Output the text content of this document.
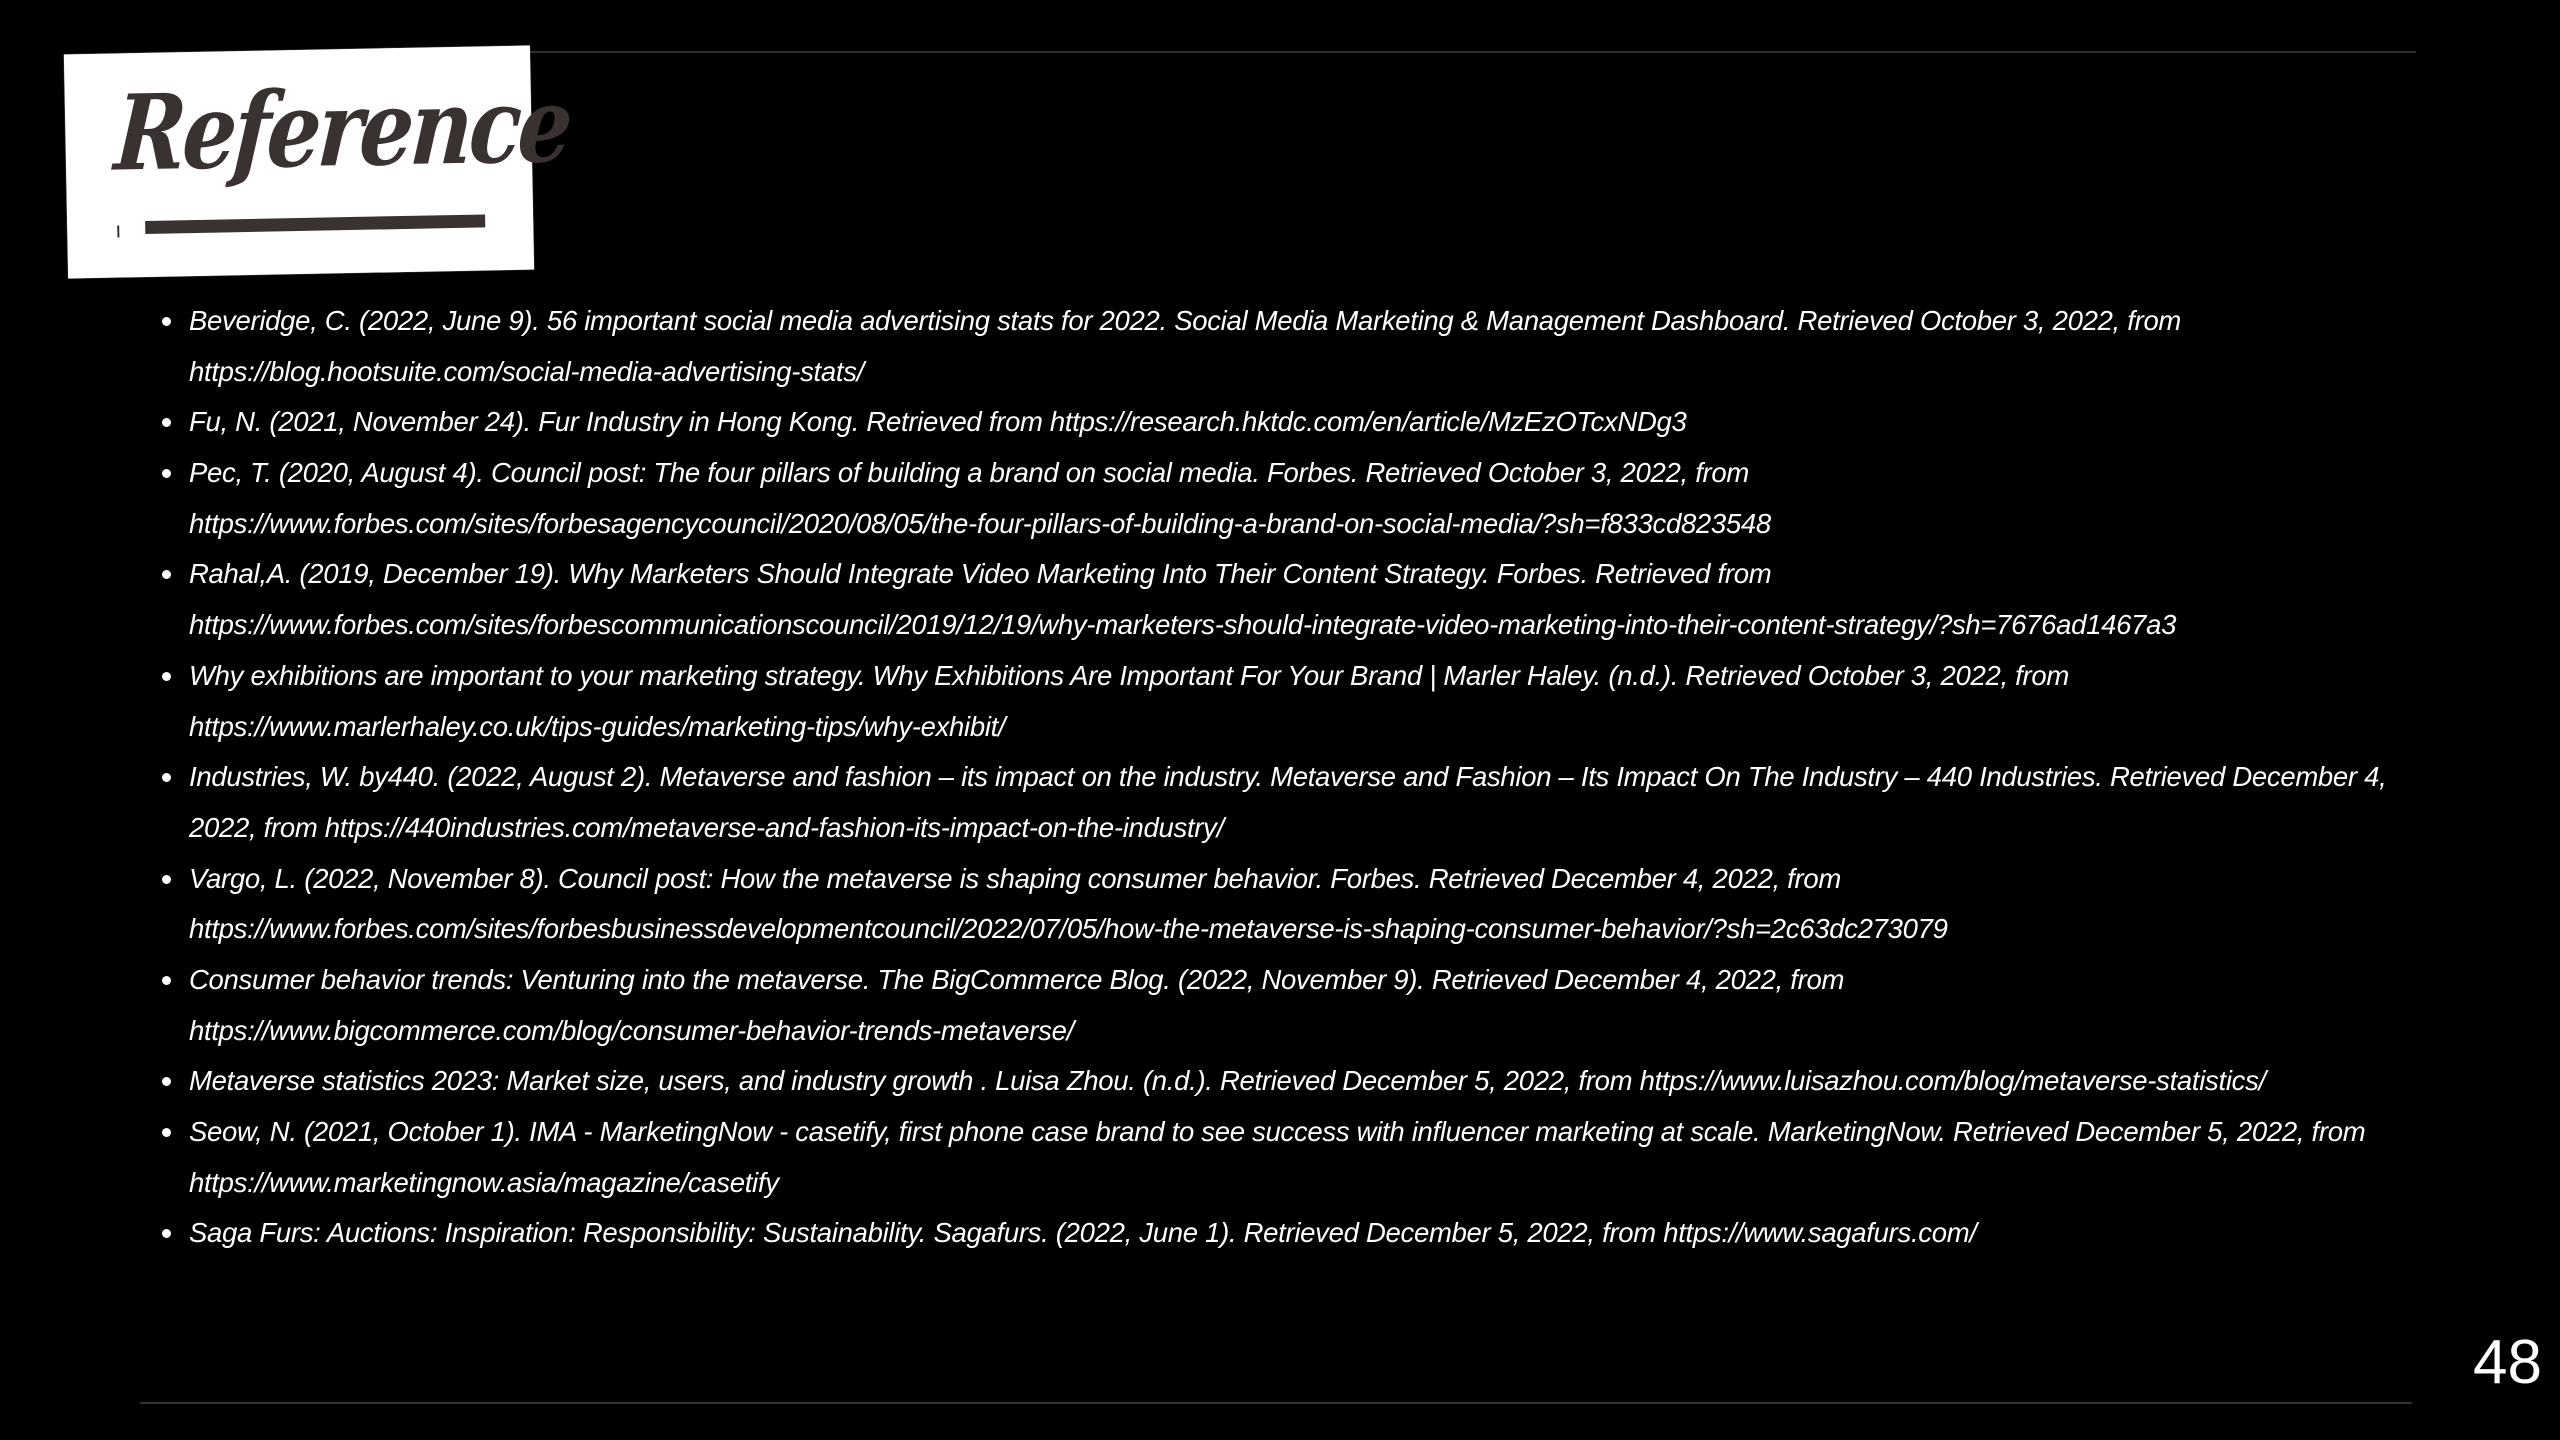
Reference
Beveridge, C. (2022, June 9). 56 important social media advertising stats for 2022. Social Media Marketing & Management Dashboard. Retrieved October 3, 2022, from
https://blog.hootsuite.com/social-media-advertising-stats/
Fu, N. (2021, November 24). Fur Industry in Hong Kong. Retrieved from https://research.hktdc.com/en/article/MzEzOTcxNDg3
Pec, T. (2020, August 4). Council post: The four pillars of building a brand on social media. Forbes. Retrieved October 3, 2022, from
https://www.forbes.com/sites/forbesagencycouncil/2020/08/05/the-four-pillars-of-building-a-brand-on-social-media/?sh=f833cd823548
Rahal,A. (2019, December 19). Why Marketers Should Integrate Video Marketing Into Their Content Strategy. Forbes. Retrieved from
https://www.forbes.com/sites/forbescommunicationscouncil/2019/12/19/why-marketers-should-integrate-video-marketing-into-their-content-strategy/?sh=7676ad1467a3
Why exhibitions are important to your marketing strategy. Why Exhibitions Are Important For Your Brand | Marler Haley. (n.d.). Retrieved October 3, 2022, from
https://www.marlerhaley.co.uk/tips-guides/marketing-tips/why-exhibit/
Industries, W. by440. (2022, August 2). Metaverse and fashion – its impact on the industry. Metaverse and Fashion – Its Impact On The Industry – 440 Industries. Retrieved December 4,
2022, from https://440industries.com/metaverse-and-fashion-its-impact-on-the-industry/
Vargo, L. (2022, November 8). Council post: How the metaverse is shaping consumer behavior. Forbes. Retrieved December 4, 2022, from
https://www.forbes.com/sites/forbesbusinessdevelopmentcouncil/2022/07/05/how-the-metaverse-is-shaping-consumer-behavior/?sh=2c63dc273079
Consumer behavior trends: Venturing into the metaverse. The BigCommerce Blog. (2022, November 9). Retrieved December 4, 2022, from
https://www.bigcommerce.com/blog/consumer-behavior-trends-metaverse/
Metaverse statistics 2023: Market size, users, and industry growth . Luisa Zhou. (n.d.). Retrieved December 5, 2022, from https://www.luisazhou.com/blog/metaverse-statistics/
Seow, N. (2021, October 1). IMA - MarketingNow - casetify, first phone case brand to see success with influencer marketing at scale. MarketingNow. Retrieved December 5, 2022, from
https://www.marketingnow.asia/magazine/casetify
Saga Furs: Auctions: Inspiration: Responsibility: Sustainability. Sagafurs. (2022, June 1). Retrieved December 5, 2022, from https://www.sagafurs.com/
48
